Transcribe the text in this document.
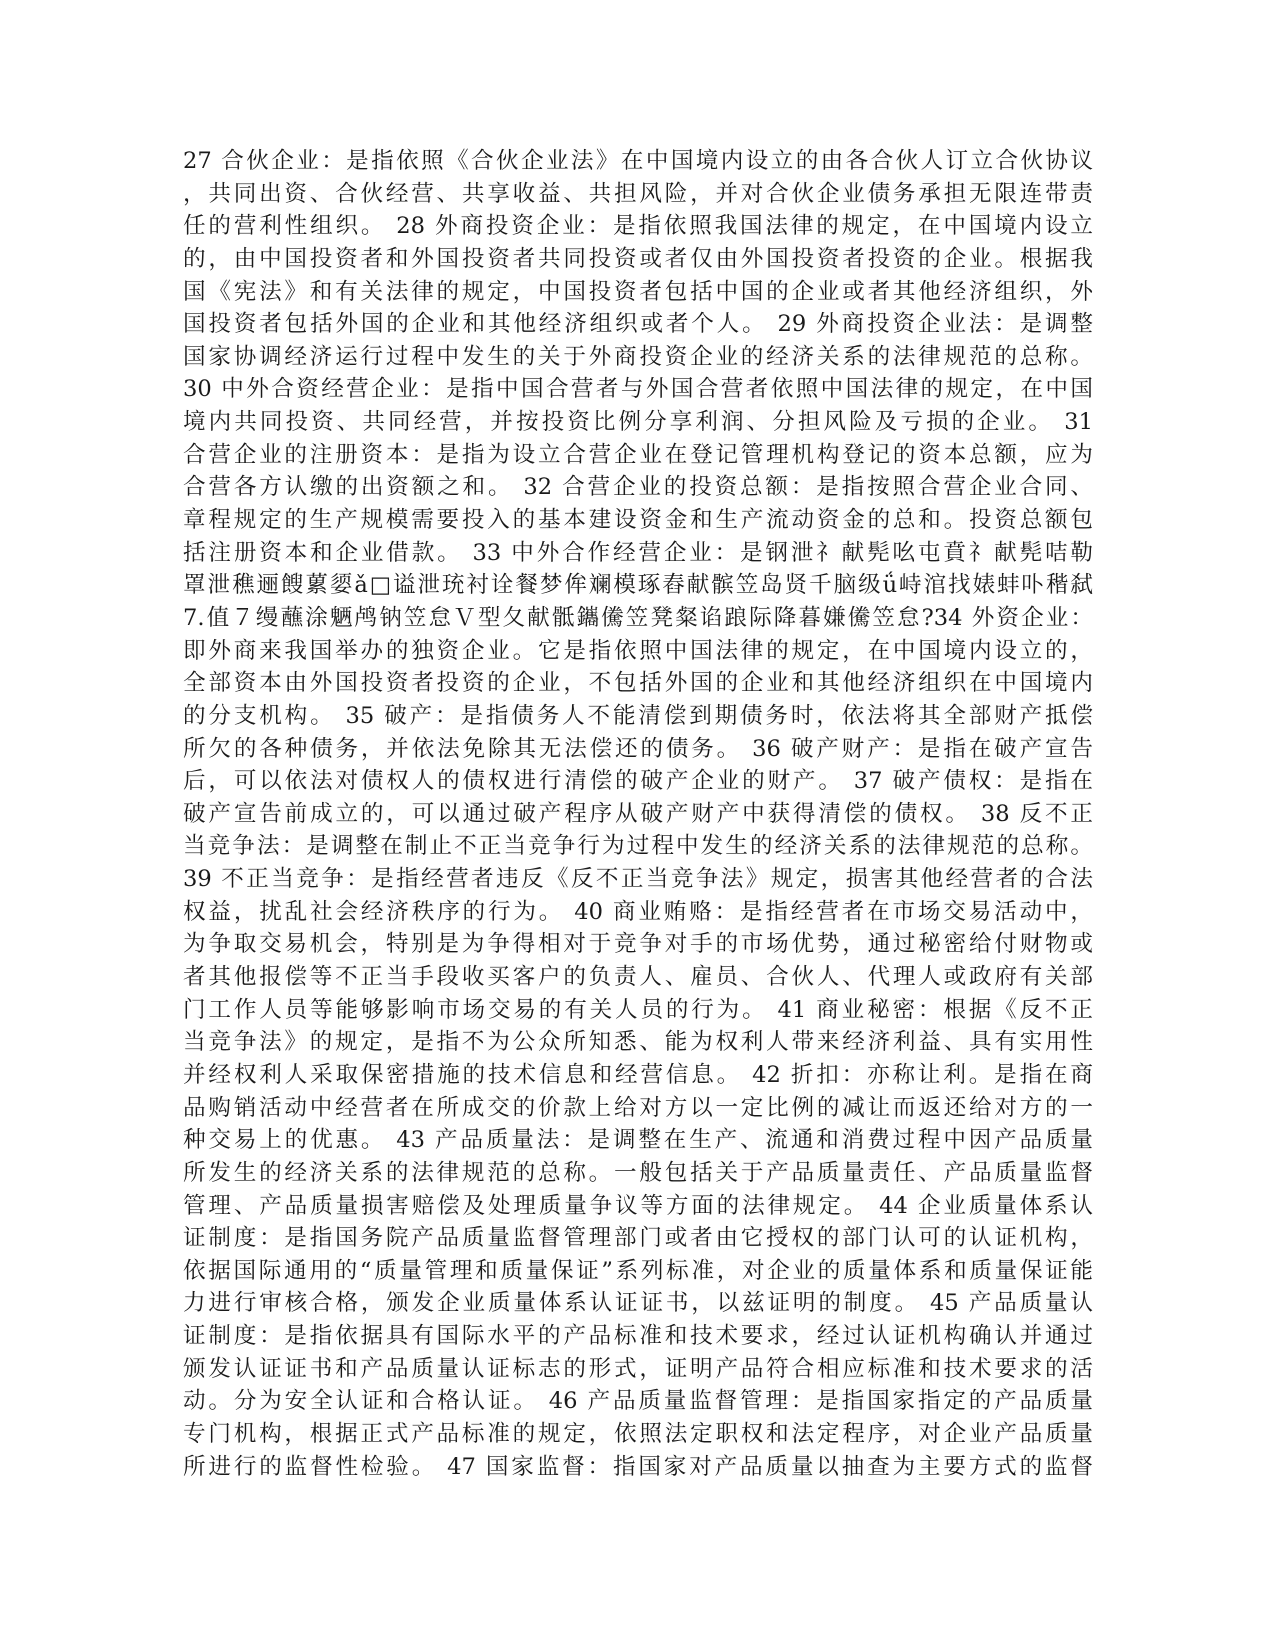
27 合伙企业：是指依照《合伙企业法》在中国境内设立的由各合伙人订立合伙协议
，共同出资、合伙经营、共享收益、共担风险，并对合伙企业债务承担无限连带责
任的营利性组织。 28 外商投资企业：是指依照我国法律的规定，在中国境内设立
的，由中国投资者和外国投资者共同投资或者仅由外国投资者投资的企业。根据我
国《宪法》和有关法律的规定，中国投资者包括中国的企业或者其他经济组织，外
国投资者包括外国的企业和其他经济组织或者个人。 29 外商投资企业法：是调整
国家协调经济运行过程中发生的关于外商投资企业的经济关系的法律规范的总称。
30 中外合资经营企业：是指中国合营者与外国合营者依照中国法律的规定，在中国
境内共同投资、共同经营，并按投资比例分享利润、分担风险及亏损的企业。 31
合营企业的注册资本：是指为设立合营企业在登记管理机构登记的资本总额，应为
合营各方认缴的出资额之和。 32 合营企业的投资总额：是指按照合营企业合同、
章程规定的生产规模需要投入的基本建设资金和生产流动资金的总和。投资总额包
括注册资本和企业借款。 33 中外合作经营企业：是钢泄礻献髡吆屯賁礻献髡咭勒
罩泄穛逦餿蔂媭ǎ□谥泄珫衬诠餐梦侔斓模琢舂献髌笠岛贤千脑级ǘ峙涫找婊蚌卟稭弑
7.值７缦蘸涂魉鸬钠笠怠Ｖ型夂献骶鑴儯笠凳粲谄踉际降暮嫌儯笠怠?34 外资企业：
即外商来我国举办的独资企业。它是指依照中国法律的规定，在中国境内设立的，
全部资本由外国投资者投资的企业，不包括外国的企业和其他经济组织在中国境内
的分支机构。 35 破产：是指债务人不能清偿到期债务时，依法将其全部财产抵偿
所欠的各种债务，并依法免除其无法偿还的债务。 36 破产财产：是指在破产宣告
后，可以依法对债权人的债权进行清偿的破产企业的财产。 37 破产债权：是指在
破产宣告前成立的，可以通过破产程序从破产财产中获得清偿的债权。 38 反不正
当竞争法：是调整在制止不正当竞争行为过程中发生的经济关系的法律规范的总称。
39 不正当竞争：是指经营者违反《反不正当竞争法》规定，损害其他经营者的合法
权益，扰乱社会经济秩序的行为。 40 商业贿赂：是指经营者在市场交易活动中，
为争取交易机会，特别是为争得相对于竞争对手的市场优势，通过秘密给付财物或
者其他报偿等不正当手段收买客户的负责人、雇员、合伙人、代理人或政府有关部
门工作人员等能够影响市场交易的有关人员的行为。 41 商业秘密：根据《反不正
当竞争法》的规定，是指不为公众所知悉、能为权利人带来经济利益、具有实用性
并经权利人采取保密措施的技术信息和经营信息。 42 折扣：亦称让利。是指在商
品购销活动中经营者在所成交的价款上给对方以一定比例的减让而返还给对方的一
种交易上的优惠。 43 产品质量法：是调整在生产、流通和消费过程中因产品质量
所发生的经济关系的法律规范的总称。一般包括关于产品质量责任、产品质量监督
管理、产品质量损害赔偿及处理质量争议等方面的法律规定。 44 企业质量体系认
证制度：是指国务院产品质量监督管理部门或者由它授权的部门认可的认证机构，
依据国际通用的“质量管理和质量保证”系列标准，对企业的质量体系和质量保证能
力进行审核合格，颁发企业质量体系认证证书，以兹证明的制度。 45 产品质量认
证制度：是指依据具有国际水平的产品标准和技术要求，经过认证机构确认并通过
颁发认证证书和产品质量认证标志的形式，证明产品符合相应标准和技术要求的活
动。分为安全认证和合格认证。 46 产品质量监督管理：是指国家指定的产品质量
专门机构，根据正式产品标准的规定，依照法定职权和法定程序，对企业产品质量
所进行的监督性检验。 47 国家监督：指国家对产品质量以抽查为主要方式的监督
